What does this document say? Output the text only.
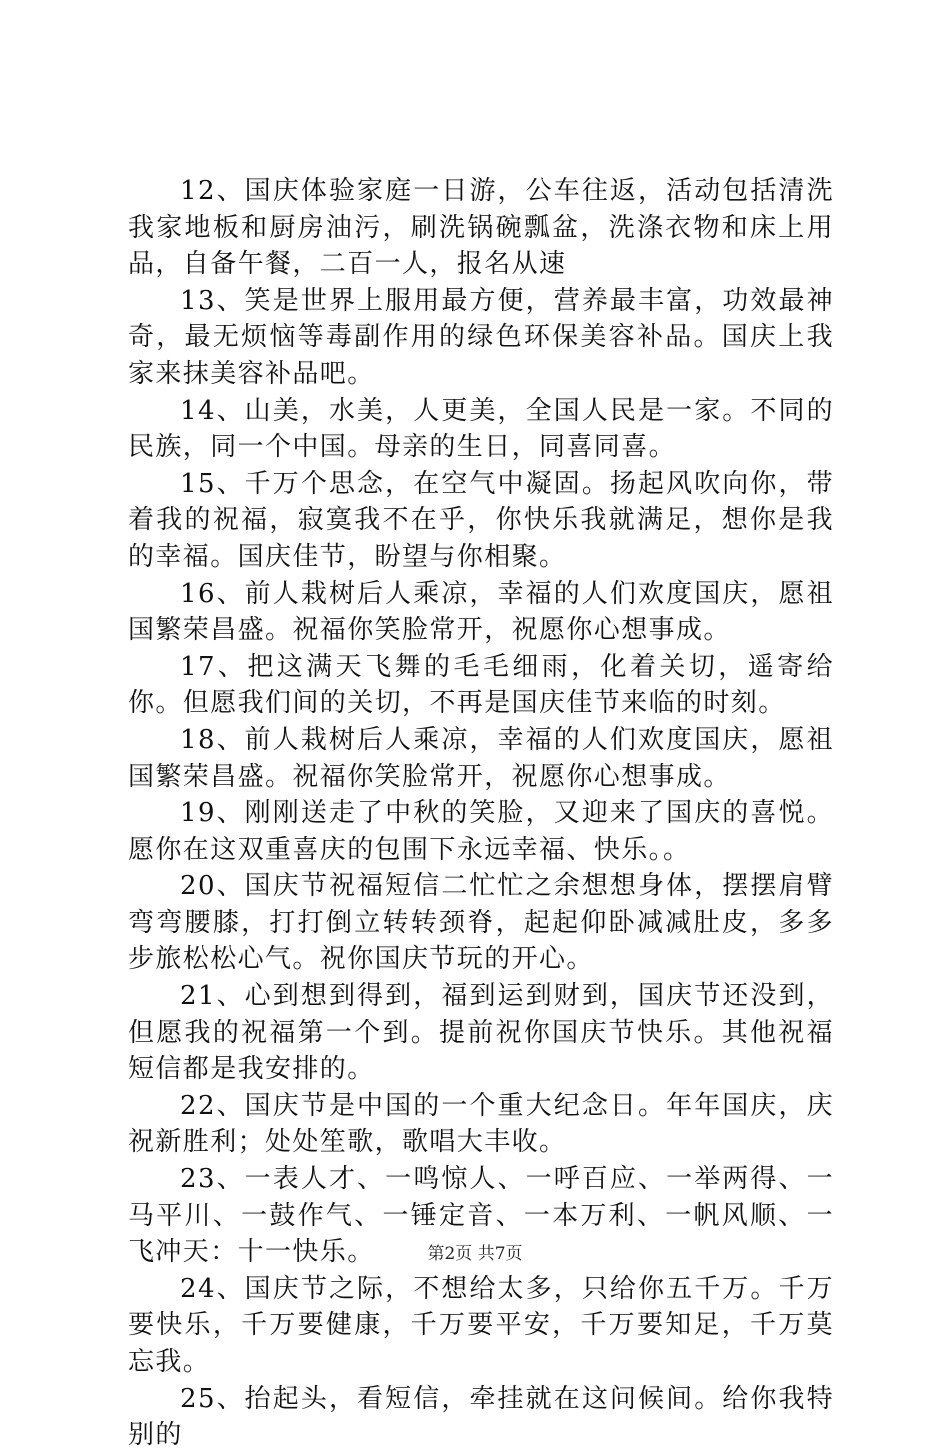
12、国庆体验家庭一日游，公车往返，活动包括清洗我家地板和厨房油污，刷洗锅碗瓢盆，洗涤衣物和床上用品，自备午餐，二百一人，报名从速

13、笑是世界上服用最方便，营养最丰富，功效最神奇，最无烦恼等毒副作用的绿色环保美容补品。国庆上我家来抹美容补品吧。

14、山美，水美，人更美，全国人民是一家。不同的民族，同一个中国。母亲的生日，同喜同喜。

15、千万个思念，在空气中凝固。扬起风吹向你，带着我的祝福，寂寞我不在乎，你快乐我就满足，想你是我的幸福。国庆佳节，盼望与你相聚。

16、前人栽树后人乘凉，幸福的人们欢度国庆，愿祖国繁荣昌盛。祝福你笑脸常开，祝愿你心想事成。

17、把这满天飞舞的毛毛细雨，化着关切，遥寄给你。但愿我们间的关切，不再是国庆佳节来临的时刻。

18、前人栽树后人乘凉，幸福的人们欢度国庆，愿祖国繁荣昌盛。祝福你笑脸常开，祝愿你心想事成。

19、刚刚送走了中秋的笑脸，又迎来了国庆的喜悦。愿你在这双重喜庆的包围下永远幸福、快乐。。

20、国庆节祝福短信二忙忙之余想想身体，摆摆肩臂弯弯腰膝，打打倒立转转颈脊，起起仰卧减减肚皮，多多步旅松松心气。祝你国庆节玩的开心。

21、心到想到得到，福到运到财到，国庆节还没到，但愿我的祝福第一个到。提前祝你国庆节快乐。其他祝福短信都是我安排的。

22、国庆节是中国的一个重大纪念日。年年国庆，庆祝新胜利；处处笙歌，歌唱大丰收。

23、一表人才、一鸣惊人、一呼百应、一举两得、一马平川、一鼓作气、一锤定音、一本万利、一帆风顺、一飞冲天：十一快乐。

24、国庆节之际，不想给太多，只给你五千万。千万要快乐，千万要健康，千万要平安，千万要知足，千万莫忘我。

25、抬起头，看短信，牵挂就在这问候间。给你我特别的

第2页 共7页
